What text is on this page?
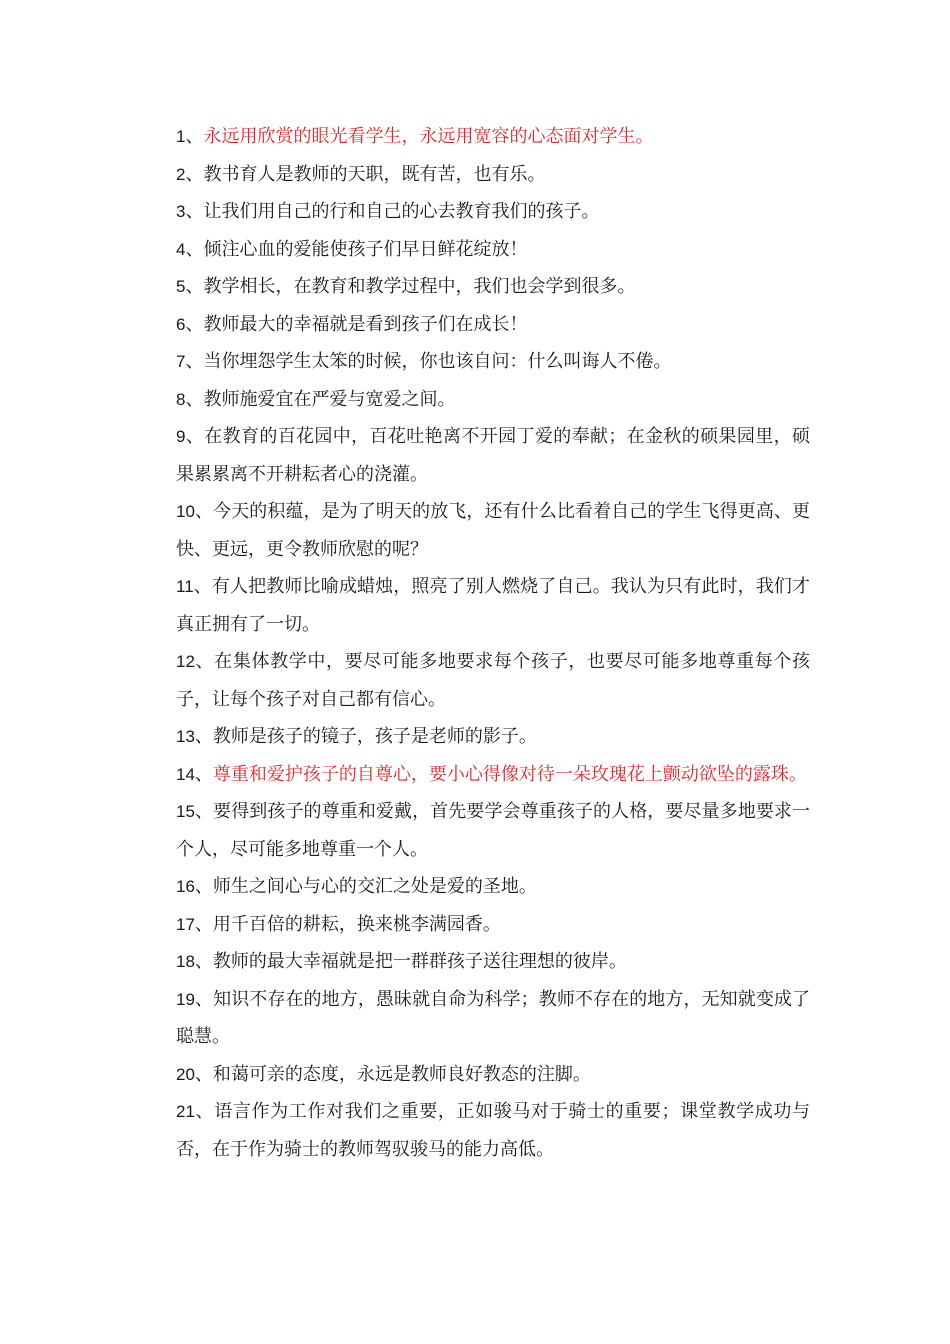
1、永远用欣赏的眼光看学生，永远用宽容的心态面对学生。

2、教书育人是教师的天职，既有苦，也有乐。

3、让我们用自己的行和自己的心去教育我们的孩子。

4、倾注心血的爱能使孩子们早日鲜花绽放！

5、教学相长，在教育和教学过程中，我们也会学到很多。

6、教师最大的幸福就是看到孩子们在成长！

7、当你埋怨学生太笨的时候，你也该自问：什么叫诲人不倦。

8、教师施爱宜在严爱与宽爱之间。

9、在教育的百花园中，百花吐艳离不开园丁爱的奉献；在金秋的硕果园里，硕果累累离不开耕耘者心的浇灌。

10、今天的积蕴，是为了明天的放飞，还有什么比看着自己的学生飞得更高、更快、更远，更令教师欣慰的呢？

11、有人把教师比喻成蜡烛，照亮了别人燃烧了自己。我认为只有此时，我们才真正拥有了一切。

12、在集体教学中，要尽可能多地要求每个孩子，也要尽可能多地尊重每个孩子，让每个孩子对自己都有信心。

13、教师是孩子的镜子，孩子是老师的影子。

14、尊重和爱护孩子的自尊心，要小心得像对待一朵玫瑰花上颤动欲坠的露珠。

15、要得到孩子的尊重和爱戴，首先要学会尊重孩子的人格，要尽量多地要求一个人，尽可能多地尊重一个人。

16、师生之间心与心的交汇之处是爱的圣地。

17、用千百倍的耕耘，换来桃李满园香。

18、教师的最大幸福就是把一群群孩子送往理想的彼岸。

19、知识不存在的地方，愚昧就自命为科学；教师不存在的地方，无知就变成了聪慧。

20、和蔼可亲的态度，永远是教师良好教态的注脚。

21、语言作为工作对我们之重要，正如骏马对于骑士的重要；课堂教学成功与否，在于作为骑士的教师驾驭骏马的能力高低。
